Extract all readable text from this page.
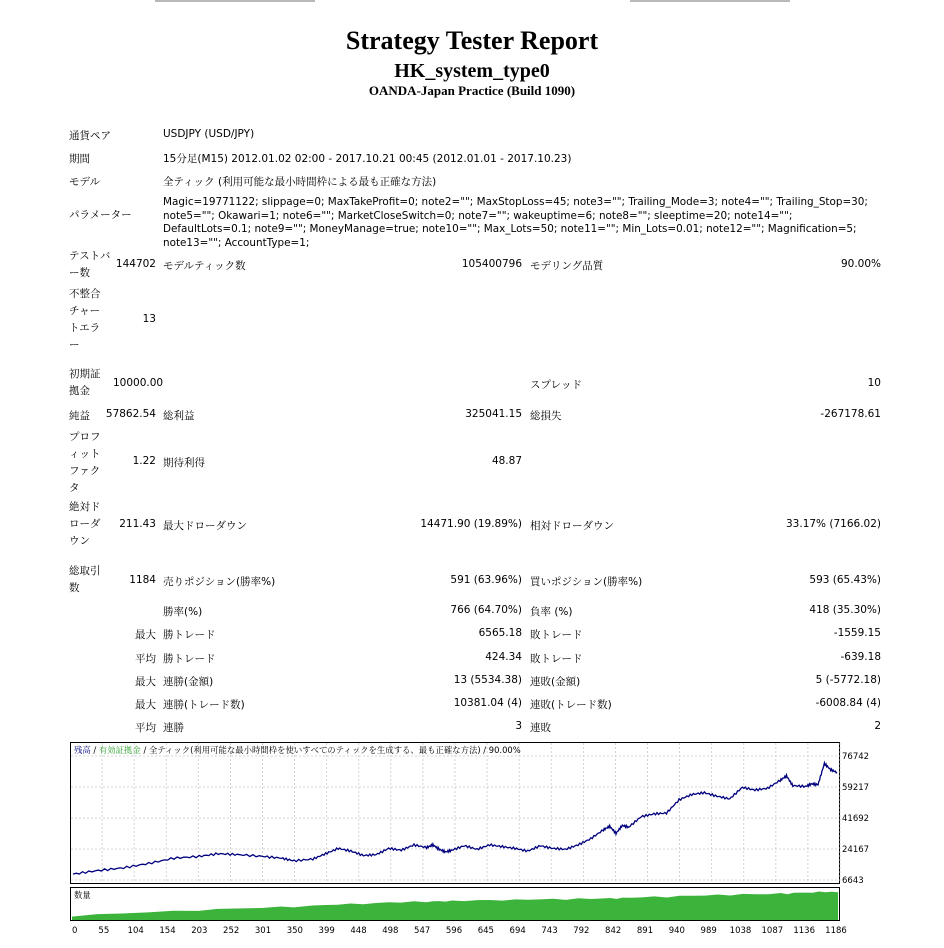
Strategy Tester Report
HK_system_type0
OANDA-Japan Practice (Build 1090)
通貨ペア	USDJPY (USD/JPY)
期間	15分足(M15) 2012.01.02 02:00 - 2017.10.21 00:45 (2012.01.01 - 2017.10.23)
モデル	全ティック (利用可能な最小時間枠による最も正確な方法)
パラメーター
Magic=19771122; slippage=0; MaxTakeProfit=0; note2=""; MaxStopLoss=45; note3=""; Trailing_Mode=3; note4=""; Trailing_Stop=30; note5=""; Okawari=1; note6=""; MarketCloseSwitch=0; note7=""; wakeuptime=6; note8=""; sleeptime=20; note14=""; DefaultLots=0.1; note9=""; MoneyManage=true; note10=""; Max_Lots=50; note11=""; Min_Lots=0.01; note12=""; Magnification=5; note13=""; AccountType=1;
テストバー数
144702 モデルティック数	105400796 モデリング品質	90.00%
不整合チャートエラー
13
初期証拠金
10000.00	スプレッド	10
純益	57862.54 総利益	325041.15 総損失	-267178.61
プロフィットファクタ
1.22 期待利得	48.87
絶対ドローダウン
211.43 最大ドローダウン	14471.90 (19.89%) 相対ドローダウン	33.17% (7166.02)
総取引数
1184 売りポジション(勝率%)	591 (63.96%) 買いポジション(勝率%)	593 (65.43%)
勝率(%)	766 (64.70%) 負率 (%)	418 (35.30%)
最大 勝トレード	6565.18 敗トレード	-1559.15
平均 勝トレード	424.34 敗トレード	-639.18
最大 連勝(金額)	13 (5534.38) 連敗(金額)	5 (-5772.18)
最大 連勝(トレード数)	10381.04 (4) 連敗(トレード数)	-6008.84 (4)
平均 連勝	3 連敗	2
残高 / 有効証拠金 / 全ティック(利用可能な最小時間枠を使いすべてのティックを生成する、最も正確な方法) / 90.00%
76742
59217
41692
24167
6643
数量
0 55 104 154 203 252 301 350 399 448 498 547 596 645 694 743 792 842 891 940 989 1038 1087 1136 1186
